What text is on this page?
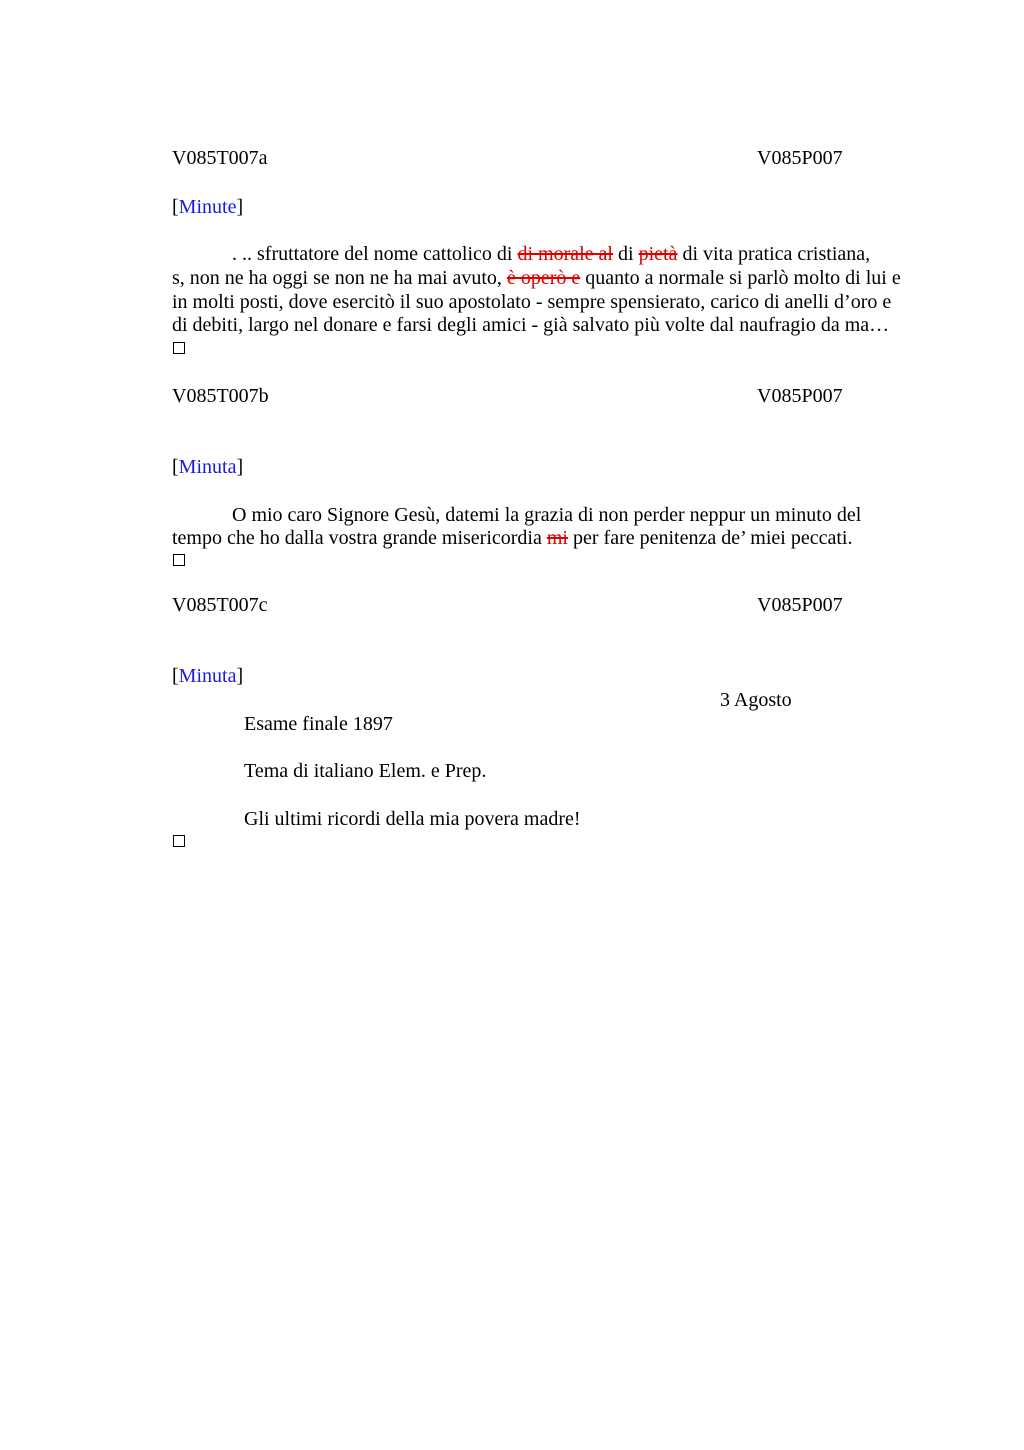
V085T007a	V085P007
[Minute]
. .. sfruttatore del nome cattolico di di morale al di pietà di vita pratica cristiana,
s, non ne ha oggi se non ne ha mai avuto, è operò e quanto a normale si parlò molto di lui e
in molti posti, dove esercitò il suo apostolato - sempre spensierato, carico di anelli d’oro e
di debiti, largo nel donare e farsi degli amici - già salvato più volte dal naufragio da ma…
V085T007b	V085P007
[Minuta]
O mio caro Signore Gesù, datemi la grazia di non perder neppur un minuto del
tempo che ho dalla vostra grande misericordia mi per fare penitenza de’ miei peccati.
V085T007c	V085P007
[Minuta]
3 Agosto
Esame finale 1897
Tema di italiano Elem. e Prep.
Gli ultimi ricordi della mia povera madre!
